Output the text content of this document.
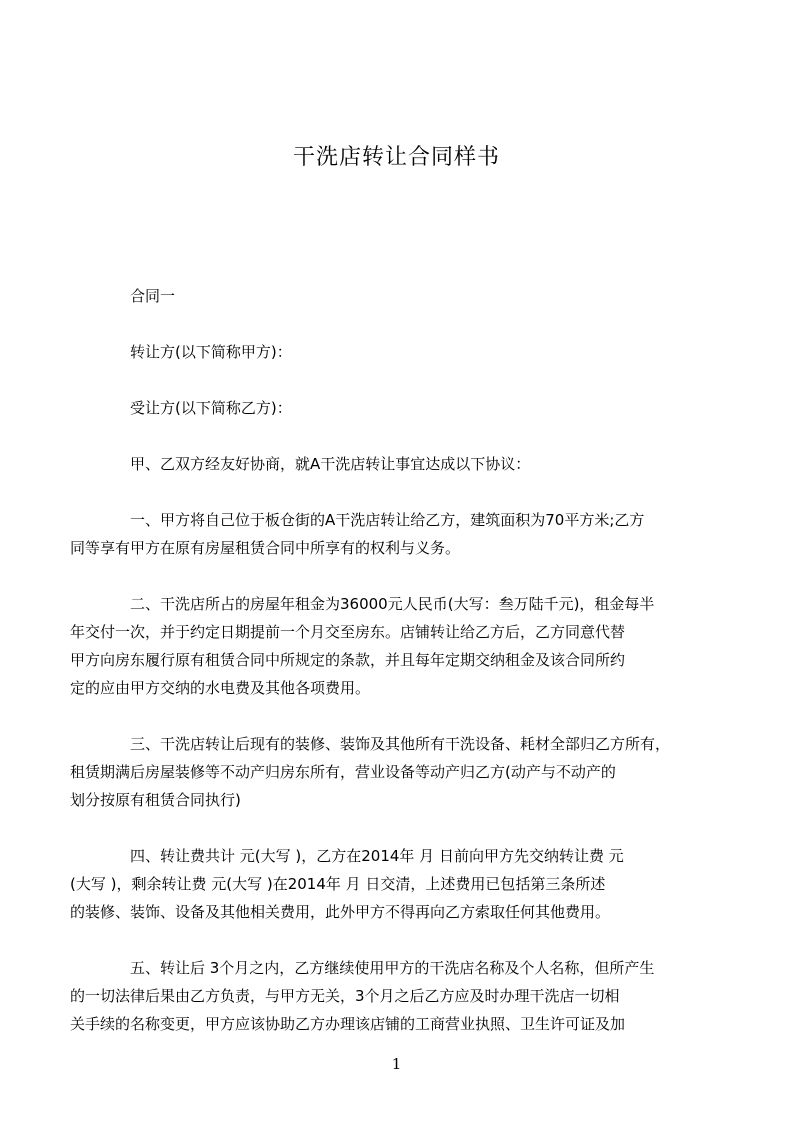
干洗店转让合同样书

合同一

转让方(以下简称甲方)：

受让方(以下简称乙方)：

甲、乙双方经友好协商，就A干洗店转让事宜达成以下协议：

一、甲方将自己位于板仓街的A干洗店转让给乙方，建筑面积为70平方米;乙方
同等享有甲方在原有房屋租赁合同中所享有的权利与义务。

二、干洗店所占的房屋年租金为36000元人民币(大写：叁万陆千元)，租金每半
年交付一次，并于约定日期提前一个月交至房东。店铺转让给乙方后，乙方同意代替
甲方向房东履行原有租赁合同中所规定的条款，并且每年定期交纳租金及该合同所约
定的应由甲方交纳的水电费及其他各项费用。

三、干洗店转让后现有的装修、装饰及其他所有干洗设备、耗材全部归乙方所有，
租赁期满后房屋装修等不动产归房东所有，营业设备等动产归乙方(动产与不动产的
划分按原有租赁合同执行)

四、转让费共计 元(大写 )，乙方在2014年 月 日前向甲方先交纳转让费 元
(大写 )，剩余转让费 元(大写 )在2014年 月 日交清，上述费用已包括第三条所述
的装修、装饰、设备及其他相关费用，此外甲方不得再向乙方索取任何其他费用。

五、转让后 3个月之内，乙方继续使用甲方的干洗店名称及个人名称，但所产生
的一切法律后果由乙方负责，与甲方无关，3个月之后乙方应及时办理干洗店一切相
关手续的名称变更，甲方应该协助乙方办理该店铺的工商营业执照、卫生许可证及加

1
